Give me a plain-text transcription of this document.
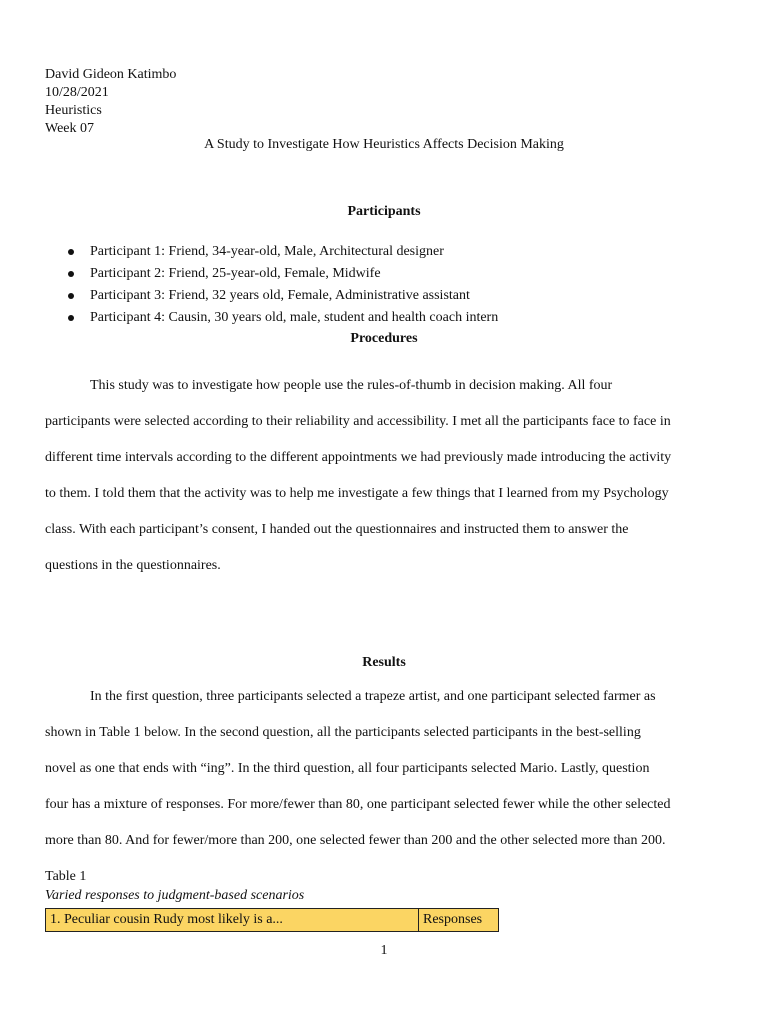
David Gideon Katimbo
10/28/2021
Heuristics
Week 07
A Study to Investigate How Heuristics Affects Decision Making
Participants
Participant 1: Friend, 34-year-old, Male, Architectural designer
Participant 2: Friend, 25-year-old, Female, Midwife
Participant 3: Friend, 32 years old, Female, Administrative assistant
Participant 4: Causin, 30 years old, male, student and health coach intern
Procedures
This study was to investigate how people use the rules-of-thumb in decision making. All four
participants were selected according to their reliability and accessibility. I met all the participants face to face in
different time intervals according to the different appointments we had previously made introducing the activity
to them. I told them that the activity was to help me investigate a few things that I learned from my Psychology
class. With each participant’s consent, I handed out the questionnaires and instructed them to answer the
questions in the questionnaires.
Results
In the first question, three participants selected a trapeze artist, and one participant selected farmer as
shown in Table 1 below. In the second question, all the participants selected participants in the best-selling
novel as one that ends with “ing”. In the third question, all four participants selected Mario. Lastly, question
four has a mixture of responses. For more/fewer than 80, one participant selected fewer while the other selected
more than 80. And for fewer/more than 200, one selected fewer than 200 and the other selected more than 200.
Table 1
Varied responses to judgment-based scenarios
1. Peculiar cousin Rudy most likely is a...	Responses
1
